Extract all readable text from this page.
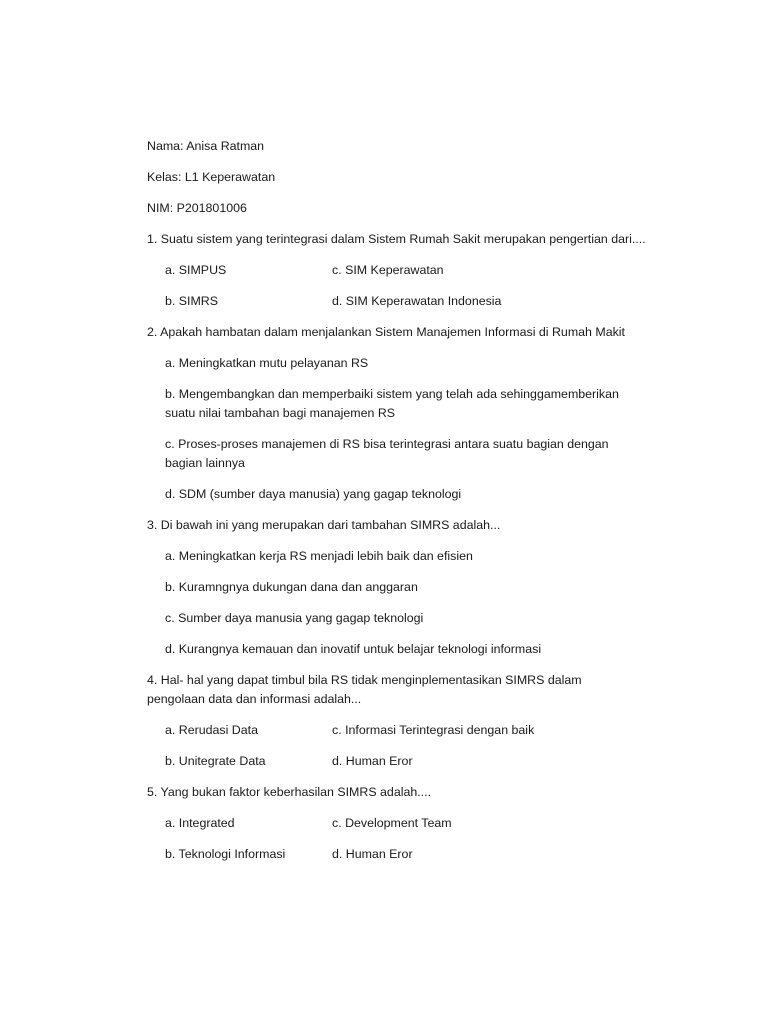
Nama: Anisa Ratman
Kelas: L1 Keperawatan
NIM: P201801006
1. Suatu sistem yang terintegrasi dalam Sistem Rumah Sakit merupakan pengertian dari....
a. SIMPUS	c. SIM Keperawatan
b. SIMRS	d. SIM Keperawatan Indonesia
2. Apakah hambatan dalam menjalankan Sistem Manajemen Informasi di Rumah Makit
a. Meningkatkan mutu pelayanan RS
b. Mengembangkan dan memperbaiki sistem yang telah ada sehinggamemberikan suatu nilai tambahan bagi manajemen RS
c. Proses-proses manajemen di RS bisa terintegrasi antara suatu bagian dengan bagian lainnya
d. SDM (sumber daya manusia) yang gagap teknologi
3. Di bawah ini yang merupakan dari tambahan SIMRS adalah...
a. Meningkatkan kerja RS menjadi lebih baik dan efisien
b. Kuramngnya dukungan dana dan anggaran
c. Sumber daya manusia yang gagap teknologi
d. Kurangnya kemauan dan inovatif untuk belajar teknologi informasi
4. Hal- hal yang dapat timbul bila RS tidak menginplementasikan SIMRS dalam pengolaan data dan informasi adalah...
a. Rerudasi Data	c. Informasi Terintegrasi dengan baik
b. Unitegrate Data	d. Human Eror
5. Yang bukan faktor keberhasilan SIMRS adalah....
a. Integrated	c. Development Team
b. Teknologi Informasi	d. Human Eror
